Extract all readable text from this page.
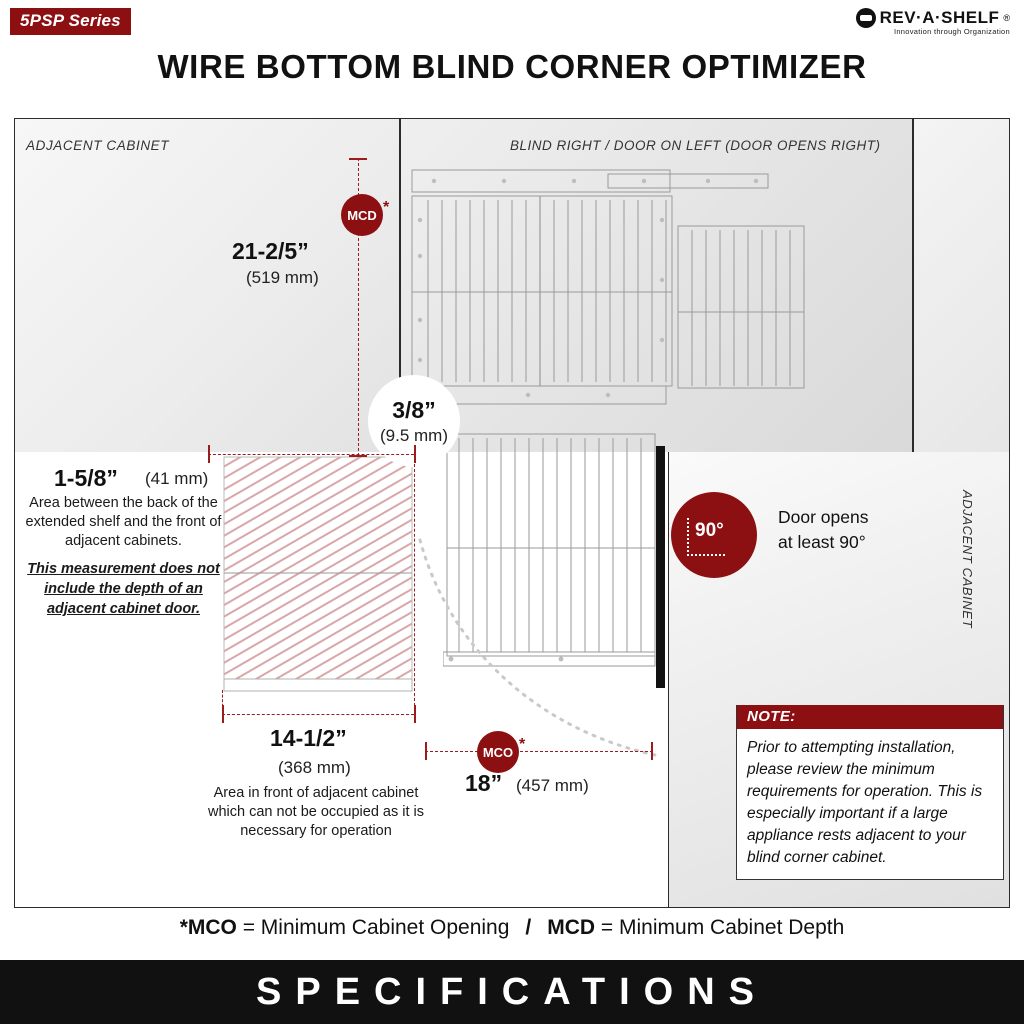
5PSP Series	REV·A·SHELF ®
Innovation through Organization
WIRE BOTTOM BLIND CORNER OPTIMIZER
ADJACENT CABINET	BLIND RIGHT / DOOR ON LEFT (DOOR OPENS RIGHT)
ADJACENT CABINET
MCD *
21-2/5”
(519 mm)
3/8”
(9.5 mm)
1-5/8” (41 mm)
Area between the back of the extended shelf and the front of adjacent cabinets.
This measurement does not include the depth of an adjacent cabinet door.
14-1/2”
(368 mm)
Area in front of adjacent cabinet which can not be occupied as it is necessary for operation
MCO *
18” (457 mm)
90°
Door opens
at least 90°
NOTE:
Prior to attempting installation, please review the minimum requirements for operation. This is especially important if a large appliance rests adjacent to your blind corner cabinet.
*MCO = Minimum Cabinet Opening / MCD = Minimum Cabinet Depth
SPECIFICATIONS
